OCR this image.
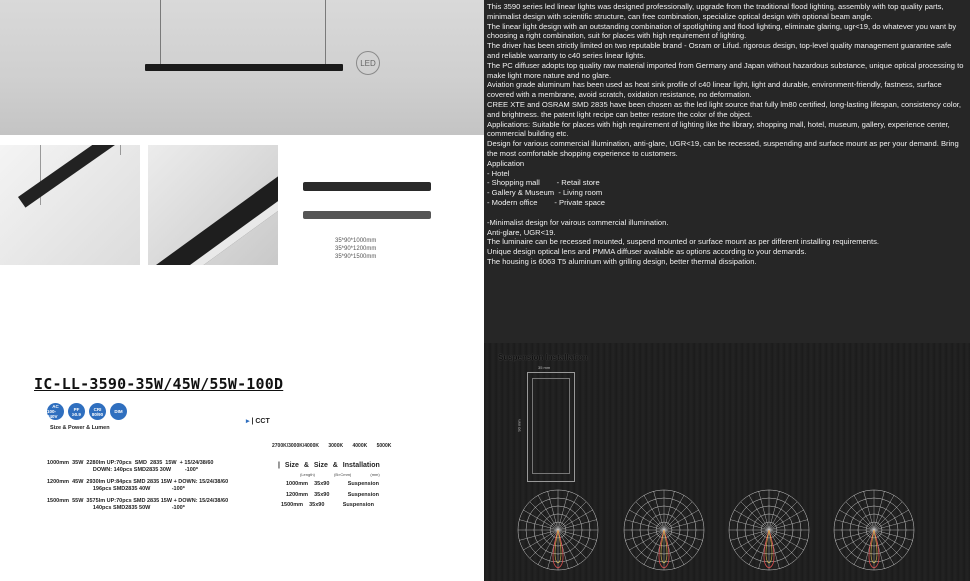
LED
35*90*1000mm
35*90*1200mm
35*90*1500mm
IC-LL-3590-35W/45W/55W-100D
AC
100-240V
PF
≥0.9
CRI
80/90	DIM
Size & Power & Lumen
▸ | CCT
2700K/3000K/4000K 3000K 4000K 5000K
1000mm  35W  2280lm UP:70pcs  SMD  2835  15W  + 15/24/38/60
DOWN: 140pcs SMD2835 30W         -100*
1200mm  45W  2930lm UP:84pcs SMD 2835 15W + DOWN: 15/24/38/60
196pcs SMD2835 40W              -100*
1500mm  55W  3575lm UP:70pcs SMD 2835 15W + DOWN: 15/24/38/60
140pcs SMD2835 50W              -100*
| Size & Size & Installation
(Length)	(B×Cmm)	(mm)
1000mm    35x90            Suspension
1200mm    35x90            Suspension
1500mm    35x90            Suspension

This 3590 series led linear lights was designed professionally, upgrade from the traditional flood lighting, assembly with top quality parts, minimalist design with scientific structure, can free combination, specialize optical design with optional beam angle.

The linear light design with an outstanding combination of spotlighting and flood lighting, eliminate glaring, ugr<19, do whatever you want by choosing a right combination, suit for places with high requirement of lighting.

The driver has been strictly limited on two reputable brand - Osram or Lifud. rigorous design, top-level quality management guarantee safe and reliable warranty to c40 series linear lights.

The PC diffuser adopts top quality raw material imported from Germany and Japan without hazardous substance, unique optical processing to make light more nature and no glare.

Aviation grade aluminum has been used as heat sink profile of c40 linear light, light and durable, environment-friendly, fastness, surface covered with a membrane, avoid scratch, oxidation resistance, no deformation.

CREE XTE and OSRAM SMD 2835 have been chosen as the led light source that fully lm80 certified, long-lasting lifespan, consistency color, and brightness. the patent light recipe can better restore the color of the object.

Applications: Suitable for places with high requirement of lighting like the library, shopping mall, hotel, museum, gallery, experience center, commercial building etc.

Design for various commercial illumination, anti-glare, UGR<19, can be recessed, suspending and surface mount as per your demand. Bring the most comfortable shopping experience to customers.

Application

- Hotel

- Shopping mall        - Retail store

- Gallery & Museum  - Living room

- Modern office        - Private space

-Minimalist design for vairous commercial illumination.

Anti-glare, UGR<19.

The luminaire can be recessed mounted, suspend mounted or surface mount as per different installing requirements.

Unique design optical lens and PMMA diffuser available as options according to your demands.

The housing is 6063 T5 aluminum with grilling design, better thermal dissipation.

Suspension Installation
35 mm
90 mm
